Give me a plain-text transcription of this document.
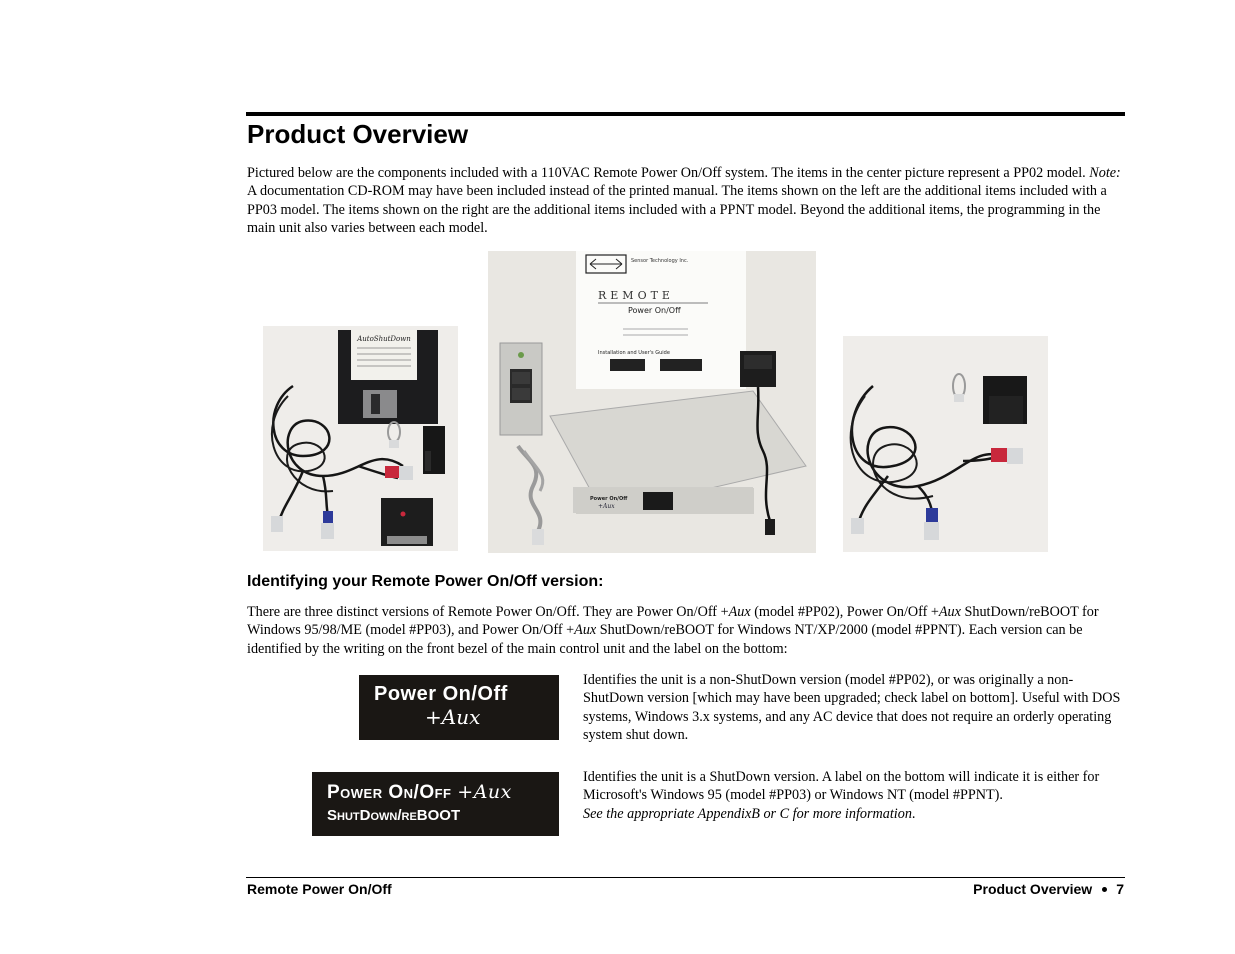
Product Overview

Pictured below are the components included with a 110VAC Remote Power On/Off system. The items in the center picture represent a PP02 model. Note: A documentation CD-ROM may have been included instead of the printed manual. The items shown on the left are the additional items included with a PP03 model. The items shown on the right are the additional items included with a PPNT model. Beyond the additional items, the programming in the main unit also varies between each model.

AutoShutDown
Sensor Technology Inc.
REMOTE
Power On/Off
Installation and User's Guide
Power On/Off
+Aux
Identifying your Remote Power On/Off version:

There are three distinct versions of Remote Power On/Off. They are Power On/Off +Aux (model #PP02), Power On/Off +Aux ShutDown/reBOOT for Windows 95/98/ME (model #PP03), and Power On/Off +Aux ShutDown/reBOOT for Windows NT/XP/2000 (model #PPNT). Each version can be identified by the writing on the front bezel of the main control unit and the label on the bottom:

Power On/Off
+Aux
Power On/Off +Aux
ShutDown/reBOOT

Identifies the unit is a non-ShutDown version (model #PP02), or was originally a non-ShutDown version [which may have been upgraded; check label on bottom]. Useful with DOS systems, Windows 3.x systems, and any AC device that does not require an orderly operating system shut down.

Identifies the unit is a ShutDown version. A label on the bottom will indicate it is either for Microsoft's Windows 95 (model #PP03) or Windows NT (model #PPNT).
See the appropriate AppendixB or C for more information.

Remote Power On/Off	Product Overview 7
